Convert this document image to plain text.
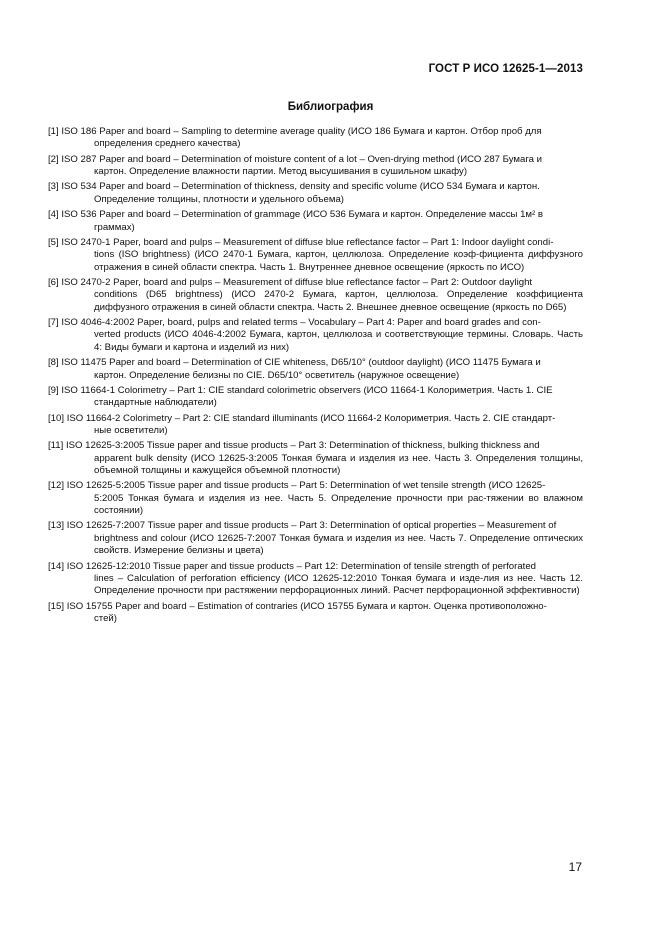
ГОСТ Р ИСО 12625-1—2013
Библиография
[1] ISO 186 Paper and board – Sampling to determine average quality (ИСО 186 Бумага и картон. Отбор проб для
определения среднего качества)
[2] ISO 287 Paper and board – Determination of moisture content of a lot – Oven-drying method (ИСО 287 Бумага и
картон. Определение влажности партии. Метод высушивания в сушильном шкафу)
[3] ISO 534 Paper and board – Determination of thickness, density and specific volume (ИСО 534 Бумага и картон.
Определение толщины, плотности и удельного объема)
[4] ISO 536 Paper and board – Determination of grammage (ИСО 536 Бумага и картон. Определение массы 1м² в
граммах)
[5] ISO 2470-1 Paper, board and pulps – Measurement of diffuse blue reflectance factor – Part 1: Indoor daylight condi-
tions (ISO brightness) (ИСО 2470-1 Бумага, картон, целлюлоза. Определение коэф-фициента диффузного отражения в синей области спектра. Часть 1. Внутреннее дневное освещение (яркость по ИСО)
[6] ISO 2470-2 Paper, board and pulps – Measurement of diffuse blue reflectance factor – Part 2: Outdoor daylight
conditions (D65 brightness) (ИСО 2470-2 Бумага, картон, целлюлоза. Определение коэффициента диффузного отражения в синей области спектра. Часть 2. Внешнее дневное освещение (яркость по D65)
[7] ISO 4046-4:2002 Paper, board, pulps and related terms – Vocabulary – Part 4: Paper and board grades and con-
verted products (ИСО 4046-4:2002 Бумага, картон, целлюлоза и соответствующие термины. Словарь. Часть 4: Виды бумаги и картона и изделий из них)
[8] ISO 11475 Paper and board – Determination of CIE whiteness, D65/10° (outdoor daylight) (ИСО 11475 Бумага и
картон. Определение белизны по CIE. D65/10° осветитель (наружное освещение)
[9] ISO 11664-1 Colorimetry – Part 1: CIE standard colorimetric observers (ИСО 11664-1 Колориметрия. Часть 1. CIE
стандартные наблюдатели)
[10] ISO 11664-2 Colorimetry – Part 2: CIE standard illuminants (ИСО 11664-2 Колориметрия. Часть 2. CIE стандарт-
ные осветители)
[11] ISO 12625-3:2005 Tissue paper and tissue products – Part 3: Determination of thickness, bulking thickness and
apparent bulk density (ИСО 12625-3:2005 Тонкая бумага и изделия из нее. Часть 3. Определения толщины, объемной толщины и кажущейся объемной плотности)
[12] ISO 12625-5:2005 Tissue paper and tissue products – Part 5: Determination of wet tensile strength (ИСО 12625-
5:2005 Тонкая бумага и изделия из нее. Часть 5. Определение прочности при рас-тяжении во влажном состоянии)
[13] ISO 12625-7:2007 Tissue paper and tissue products – Part 3: Determination of optical properties – Measurement of
brightness and colour (ИСО 12625-7:2007 Тонкая бумага и изделия из нее. Часть 7. Определение оптических свойств. Измерение белизны и цвета)
[14] ISO 12625-12:2010 Tissue paper and tissue products – Part 12: Determination of tensile strength of perforated
lines – Calculation of perforation efficiency (ИСО 12625-12:2010 Тонкая бумага и изде-лия из нее. Часть 12. Определение прочности при растяжении перфорационных линий. Расчет перфорационной эффективности)
[15] ISO 15755 Paper and board – Estimation of contraries (ИСО 15755 Бумага и картон. Оценка противоположно-
стей)
17
